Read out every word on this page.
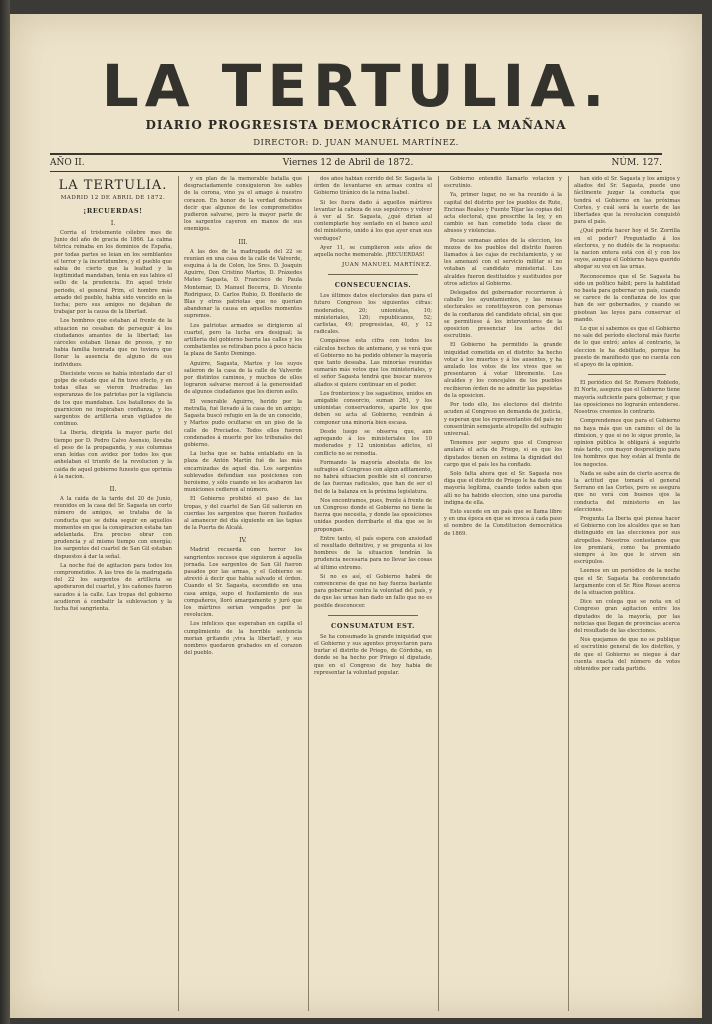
LA TERTULIA.
DIARIO PROGRESISTA DEMOCRÁTICO DE LA MAÑANA
DIRECTOR: D. JUAN MANUEL MARTÍNEZ.
AÑO II.	Viernes 12 de Abril de 1872.	NÚM. 127.
LA TERTULIA.
MADRID 12 DE ABRIL DE 1872.
¡RECUERDAS!
I.

Corria el tristemente célebre mes de Junio del año de gracia de 1866. La calma tétrica reinaba en los dominios de España, por todas partes se leian en los semblantes el terror y la incertidumbre, y el pueblo que sabia de cierto que la lealtad y la legitimidad mandaban, tenia en sus labios el sello de la prudencia. En aquel triste periodo, el general Prim, el hombre más amado del pueblo, habia sido vencido en la lucha; pero sus amigos no dejaban de trabajar por la causa de la libertad.

Los hombres que estaban al frente de la situacion no cesaban de perseguir á los ciudadanos amantes de la libertad; las cárceles estaban llenas de presos, y no habia familia honrada que no tuviera que llorar la ausencia de alguno de sus individuos.

Diecisiete veces se había intentado dar el golpe de estado que al fin tuvo efecto, y en todas ellas se vieron frustradas las esperanzas de los patriotas por la vigilancia de los que mandaban. Los batallones de la guarnicion no inspiraban confianza, y los sargentos de artilleria eran vigilados de continuo.

La Iberia, dirigida la mayor parte del tiempo por D. Pedro Calvo Asensio, llevaba el peso de la propaganda, y sus columnas eran leidas con avidez por todos los que anhelaban el triunfo de la revolucion y la caida de aquel gobierno funesto que oprimia á la nacion.

II.

A la caida de la tarde del 20 de Junio, reunidos en la casa del Sr. Sagasta un corto número de amigos, se trataba de la conducta que se debia seguir en aquellos momentos en que la conspiracion estaba tan adelantada. Era preciso obrar con prudencia y al mismo tiempo con energía; los sargentos del cuartel de San Gil estaban dispuestos á dar la señal.

La noche fué de agitacion para todos los comprometidos. A las tres de la madrugada del 22 los sargentos de artilleria se apoderaron del cuartel, y los cañones fueron sacados á la calle. Las tropas del gobierno acudieron á combatir la sublevacion y la lucha fué sangrienta.

y en plan de la memorable batalla que desgraciadamente consiguieron los sables de la corona, vino ya el amago á nuestro corazon. En honor de la verdad debemos decir que algunos de los comprometidos pudieron salvarse, pero la mayor parte de los sargentos cayeron en manos de sus enemigos.

III.

A las dos de la madrugada del 22 se reunian en una casa de la calle de Valverde, esquina á la de Colon, los Sres. D. Joaquin Aguirre, Don Cristino Martos, D. Práxedes Mateo Sagasta, D. Francisco de Paula Montemar, D. Manuel Becerra, D. Vicente Rodriguez, D. Carlos Rubio, D. Bonifacio de Blas y otros patriotas que no querian abandonar la causa en aquellos momentos supremos.

Los patriotas armados se dirigieron al cuartel, pero la lucha era desigual; la artilleria del gobierno barria las calles y los combatientes se retiraban poco á poco hácia la plaza de Santo Domingo.

Aguirre, Sagasta, Martos y los suyos salieron de la casa de la calle de Valverde por distintos caminos, y muchos de ellos lograron salvarse merced á la generosidad de algunos ciudadanos que les dieron asilo.

El venerable Aguirre, herido por la metralla, fué llevado á la casa de un amigo; Sagasta buscó refugio en la de un conocido, y Martos pudo ocultarse en un piso de la calle de Preciados. Todos ellos fueron condenados á muerte por los tribunales del gobierno.

La lucha que se habia entablado en la plaza de Antón Martín fué de las más encarnizadas de aquel dia. Los sargentos sublevados defendian sus posiciones con heroismo, y sólo cuando se les acabaron las municiones cedieron al número.

El Gobierno prohibió el paso de las tropas, y del cuartel de San Gil salieron en cuerdas los sargentos que fueron fusilados al amanecer del dia siguiente en las tapias de la Puerta de Alcalá.

IV.

Madrid recuerda con horror los sangrientos sucesos que siguieron á aquella jornada. Los sargentos de San Gil fueron pasados por las armas, y el Gobierno se atrevió á decir que habia salvado el órden. Cuando el Sr. Sagasta, escondido en una casa amiga, supo el fusilamiento de sus compañeros, lloró amargamente y juró que los mártires serian vengados por la revolucion.

Los infelices que esperaban en capilla el cumplimiento de la horrible sentencia morian gritando ¡viva la libertad!, y sus nombres quedaron grabados en el corazon del pueblo.

dos años habian corrido del Sr. Sagasta la órden de levantarse en armas contra el Gobierno tiránico de la reina Isabel.

Si les fuera dado á aquellos mártires levantar la cabeza de sus sepulcros y volver á ver al Sr. Sagasta, ¿qué dirian al contemplarle hoy sentado en el banco azul del ministerio, unido á los que ayer eran sus verdugos?

Ayer 11, se cumplieron seis años de aquella noche memorable. ¡RECUERDAS!

JUAN MANUEL MARTÍNEZ.
CONSECUENCIAS.

Los últimos datos electorales dan para el futuro Congreso los siguientes cifras: moderados, 20; unionistas, 10; ministeriales, 120; republicanos, 52; carlistas, 49; progresistas, 40, y 12 radicales.

Compárese esta cifra con todos los cálculos hechos de antemano, y se verá que el Gobierno no ha podido obtener la mayoría que tanto deseaba. Las minorías reunidas sumarán más votos que los ministeriales, y el señor Sagasta tendrá que buscar nuevos aliados si quiere continuar en el poder.

Los fronterizos y los sagastinos, unidos en amigable consorcio, suman 261, y los unionistas conservadores, aparte los que deben su acta al Gobierno, vendrán á componer una minoría bien escasa.

Desde luego se observa que, aun agregando á los ministeriales los 10 moderados y 12 unionistas adictos, el conflicto no se remedia.

Formando la mayoría absoluta de los sufragios al Congreso con algun aditamento, no habrá situacion posible sin el concurso de las fuerzas radicales, que han de ser el fiel de la balanza en la próxima legislatura.

Nos encontramos, pues, frente á frente de un Congreso donde el Gobierno no tiene la fuerza que necesita, y donde las oposiciones unidas pueden derribarle el dia que se lo propongan.

Entre tanto, el país espera con ansiedad el resultado definitivo, y se pregunta si los hombres de la situacion tendrán la prudencia necesaria para no llevar las cosas al último extremo.

Si no es así, el Gobierno habrá de convencerse de que no hay fuerza bastante para gobernar contra la voluntad del país, y de que las urnas han dado un fallo que no es posible desconocer.

CONSUMATUM EST.

Se ha consumado la grande iniquidad que el Gobierno y sus agentes proyectaron para burlar el distrito de Priego, de Córdoba, en donde se ha hecho por Priego el diputado, que en el Congreso de hoy habia de representar la voluntad popular.

Gobierno entendió llamarlo votacion y escrutinio.

Ya, primer lugar, no se ha reunido á la capital del distrito por los pueblos de Rute, Encinas Reales y Fuente Tójar las copias del acta electoral, que prescribe la ley, y en cambio se han cometido toda clase de abusos y violencias.

Pocas semanas antes de la eleccion, los mozos de los pueblos del distrito fueron llamados á las cajas de reclutamiento, y se les amenazó con el servicio militar si no votaban al candidato ministerial. Los alcaldes fueron destituidos y sustituidos por otros adictos al Gobierno.

Delegados del gobernador recorrieron á caballo los ayuntamientos, y las mesas electorales se constituyeron con personas de la confianza del candidato oficial, sin que se permitiese á los interventores de la oposicion presenciar los actos del escrutinio.

El Gobierno ha permitido la grande iniquidad cometida en el distrito: ha hecho votar á los muertos y á los ausentes, y ha anulado los votos de los vivos que se presentaron á votar libremente. Los alcaldes y los concejales de los pueblos recibieron órden de no admitir las papeletas de la oposicion.

Por todo ello, los electores del distrito acuden al Congreso en demanda de justicia, y esperan que los representantes del país no consentirán semejante atropello del sufragio universal.

Tenemos por seguro que el Congreso anulará el acta de Priego, si es que los diputados tienen en estima la dignidad del cargo que el país les ha confiado.

Solo falta ahora que el Sr. Sagasta nos diga que el distrito de Priego le ha dado una mayoría legítima, cuando todos saben que allí no ha habido eleccion, sino una parodia indigna de ella.

Esto sucede en un país que se llama libre y en una época en que se invoca á cada paso el nombre de la Constitucion democrática de 1869.

han sido el Sr. Sagasta y los amigos y aliados del Sr. Sagasta, puede uno fácilmente juzgar la conducta que tendrá el Gobierno en las próximas Cortes, y cuál será la suerte de las libertades que la revolucion conquistó para el país.

¿Qué podría hacer hoy el Sr. Zorrilla en el poder? Preguntadlo á los electores, y no dudéis de la respuesta: la nacion entera está con él y con los suyos, aunque el Gobierno haya querido ahogar su voz en las urnas.

Reconocemos que el Sr. Sagasta ha sido un político hábil; pero la habilidad no basta para gobernar un país, cuando se carece de la confianza de los que han de ser gobernados, y cuando se pisotean las leyes para conservar el mando.

Lo que sí sabemos es que el Gobierno no sale del período electoral más fuerte de lo que entró; antes al contrario, la eleccion le ha debilitado, porque ha puesto de manifiesto que no cuenta con el apoyo de la opinion.

El periódico del Sr. Romero Robledo, El Norte, asegura que el Gobierno tiene mayoría suficiente para gobernar, y que las oposiciones no lograrán entenderse. Nosotros creemos lo contrario.

Comprendemos que para el Gobierno no haya más que un camino: el de la dimision, y que si no lo sigue pronto, la opinion pública le obligará á seguirlo más tarde, con mayor desprestigio para los hombres que hoy están al frente de los negocios.

Nada se sabe aún de cierto acerca de la actitud que tomará el general Serrano en las Cortes, pero se asegura que no verá con buenos ojos la conducta del ministerio en las elecciones.

Pregunta La Iberia qué piensa hacer el Gobierno con los alcaldes que se han distinguido en las elecciones por sus atropellos. Nosotros contestamos que los premiará, como ha premiado siempre á los que le sirven sin escrúpulos.

Leemos en un periódico de la noche que el Sr. Sagasta ha conferenciado largamente con el Sr. Ríos Rosas acerca de la situacion política.

Dice un colega que se nota en el Congreso gran agitacion entre los diputados de la mayoría, por las noticias que llegan de provincias acerca del resultado de las elecciones.

Nos quejamos de que no se publique el escrutinio general de los distritos, y de que el Gobierno se niegue á dar cuenta exacta del número de votos obtenidos por cada partido.
